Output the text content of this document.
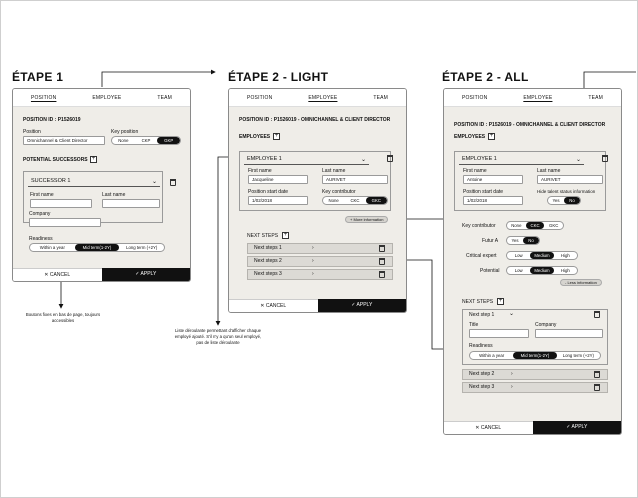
ÉTAPE 1	ÉTAPE 2 - LIGHT	ÉTAPE 2 - ALL
POSITION	EMPLOYEE	TEAM
POSITION ID : P1526019
Position
Omnichannel & Client Director
Key position
None	CKP	GKP
POTENTIAL SUCCESSORS +
SUCCESSOR 1	⌄
First name	Last name
Company
Readiness
Within a year	Mid term(1-2Y)	Long term (+2Y)
✕ CANCEL	✓ APPLY
POSITION	EMPLOYEE	TEAM
POSITION ID : P1526019 - OMNICHANNEL & CLIENT DIRECTOR
EMPLOYEES +
EMPLOYEE 1	⌄
First name
Jacqueline
Last name
AURIVET
Position start date
1/02/2018
Key contributor
None	CKC	GKC
+ More information
NEXT STEPS +
Next steps 1	›
Next steps 2	›
Next steps 3	›
✕ CANCEL	✓ APPLY
POSITION	EMPLOYEE	TEAM
POSITION ID : P1526019 - OMNICHANNEL & CLIENT DIRECTOR
EMPLOYEES +
EMPLOYEE 1	⌄
First name
Antoine
Last name
AURIVET
Position start date
1/02/2018
Hide talent status information
Yes	No
Key contributor	None	CKC	GKC
Futur A	Yes	No
Critical expert	Low	Medium	High
Potential	Low	Medium	High
- Less information
NEXT STEPS +
Next step 1 ⌄
Title	Company
Readiness
Within a year	Mid term(1-2Y)	Long term (+2Y)
Next step 2	›
Next step 3	›
✕ CANCEL	✓ APPLY
Boutons fixes en bas de page, toujours accessibles
Liste déroulante permettant d'afficher chaque employé ajouté. S'il n'y a qu'un seul employé, pas de liste déroulante
